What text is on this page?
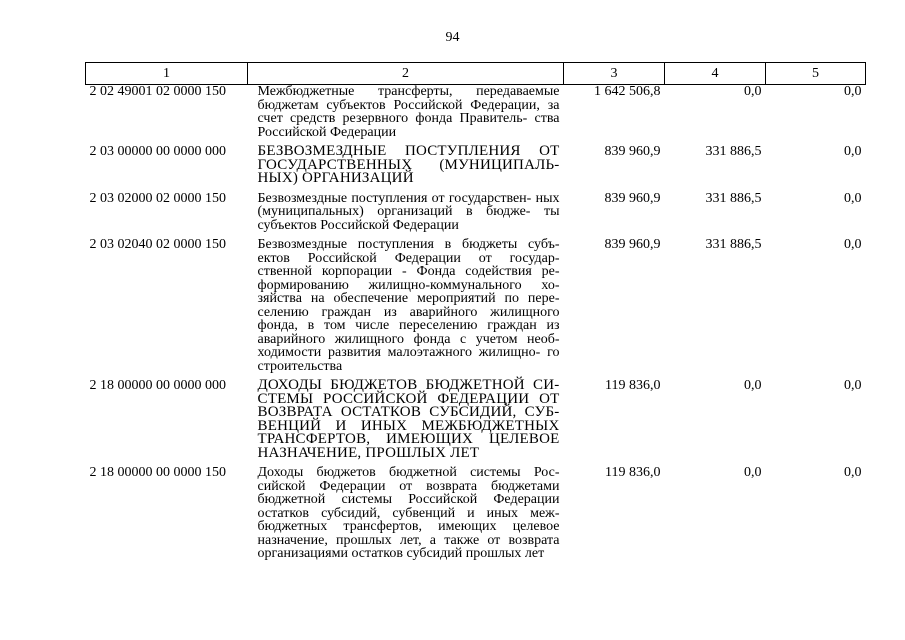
94
1	2	3	4	5
2 02 49001 02 0000 150	Межбюджетные трансферты, передаваемые бюджетам субъектов Российской Федерации, за счет средств резервного фонда Правитель- ства Российской Федерации	1 642 506,8	0,0	0,0
2 03 00000 00 0000 000	БЕЗВОЗМЕЗДНЫЕ ПОСТУПЛЕНИЯ ОТ ГОСУДАРСТВЕННЫХ (МУНИЦИПАЛЬ- НЫХ) ОРГАНИЗАЦИЙ	839 960,9	331 886,5	0,0
2 03 02000 02 0000 150	Безвозмездные поступления от государствен- ных (муниципальных) организаций в бюдже- ты субъектов Российской Федерации	839 960,9	331 886,5	0,0
2 03 02040 02 0000 150	Безвозмездные поступления в бюджеты субъ- ектов Российской Федерации от государ- ственной корпорации - Фонда содействия ре- формированию жилищно-коммунального хо- зяйства на обеспечение мероприятий по пере- селению граждан из аварийного жилищного фонда, в том числе переселению граждан из аварийного жилищного фонда с учетом необ- ходимости развития малоэтажного жилищно- го строительства	839 960,9	331 886,5	0,0
2 18 00000 00 0000 000	ДОХОДЫ БЮДЖЕТОВ БЮДЖЕТНОЙ СИ- СТЕМЫ РОССИЙСКОЙ ФЕДЕРАЦИИ ОТ ВОЗВРАТА ОСТАТКОВ СУБСИДИЙ, СУБ- ВЕНЦИЙ И ИНЫХ МЕЖБЮДЖЕТНЫХ ТРАНСФЕРТОВ, ИМЕЮЩИХ ЦЕЛЕВОЕ НАЗНАЧЕНИЕ, ПРОШЛЫХ ЛЕТ	119 836,0	0,0	0,0
2 18 00000 00 0000 150	Доходы бюджетов бюджетной системы Рос- сийской Федерации от возврата бюджетами бюджетной системы Российской Федерации остатков субсидий, субвенций и иных меж- бюджетных трансфертов, имеющих целевое назначение, прошлых лет, а также от возврата организациями остатков субсидий прошлых лет	119 836,0	0,0	0,0
